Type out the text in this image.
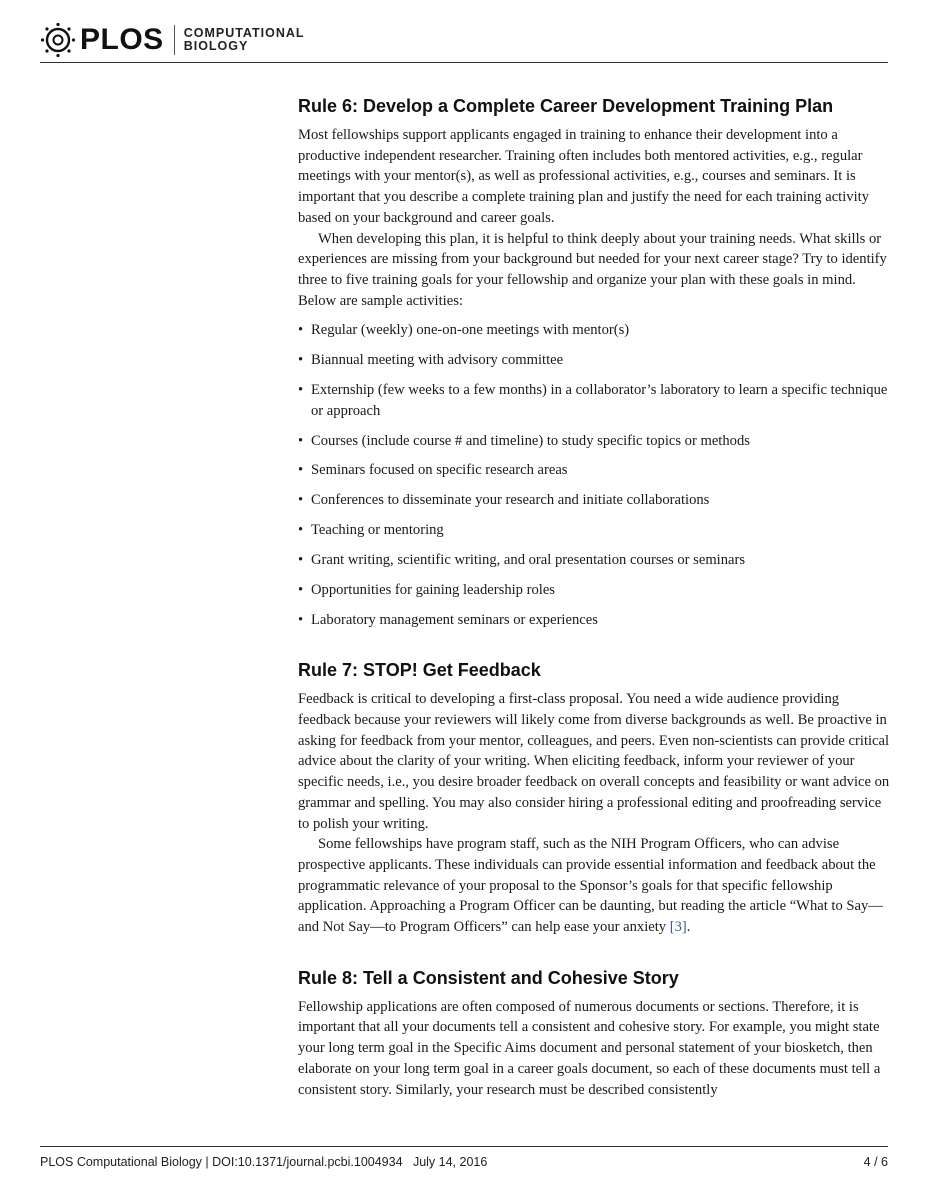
PLOS COMPUTATIONAL
BIOLOGY
Rule 6: Develop a Complete Career Development Training Plan

Most fellowships support applicants engaged in training to enhance their development into a productive independent researcher. Training often includes both mentored activities, e.g., regular meetings with your mentor(s), as well as professional activities, e.g., courses and seminars. It is important that you describe a complete training plan and justify the need for each training activity based on your background and career goals.

When developing this plan, it is helpful to think deeply about your training needs. What skills or experiences are missing from your background but needed for your next career stage? Try to identify three to five training goals for your fellowship and organize your plan with these goals in mind. Below are sample activities:

• Regular (weekly) one-on-one meetings with mentor(s)
• Biannual meeting with advisory committee
• Externship (few weeks to a few months) in a collaborator’s laboratory to learn a specific technique or approach
• Courses (include course # and timeline) to study specific topics or methods
• Seminars focused on specific research areas
• Conferences to disseminate your research and initiate collaborations
• Teaching or mentoring
• Grant writing, scientific writing, and oral presentation courses or seminars
• Opportunities for gaining leadership roles
• Laboratory management seminars or experiences
Rule 7: STOP! Get Feedback

Feedback is critical to developing a first-class proposal. You need a wide audience providing feedback because your reviewers will likely come from diverse backgrounds as well. Be proactive in asking for feedback from your mentor, colleagues, and peers. Even non-scientists can provide critical advice about the clarity of your writing. When eliciting feedback, inform your reviewer of your specific needs, i.e., you desire broader feedback on overall concepts and feasibility or want advice on grammar and spelling. You may also consider hiring a professional editing and proofreading service to polish your writing.

Some fellowships have program staff, such as the NIH Program Officers, who can advise prospective applicants. These individuals can provide essential information and feedback about the programmatic relevance of your proposal to the Sponsor’s goals for that specific fellowship application. Approaching a Program Officer can be daunting, but reading the article “What to Say—and Not Say—to Program Officers” can help ease your anxiety [3].

Rule 8: Tell a Consistent and Cohesive Story

Fellowship applications are often composed of numerous documents or sections. Therefore, it is important that all your documents tell a consistent and cohesive story. For example, you might state your long term goal in the Specific Aims document and personal statement of your biosketch, then elaborate on your long term goal in a career goals document, so each of these documents must tell a consistent story. Similarly, your research must be described consistently

PLOS Computational Biology | DOI:10.1371/journal.pcbi.1004934 July 14, 2016	4 / 6
